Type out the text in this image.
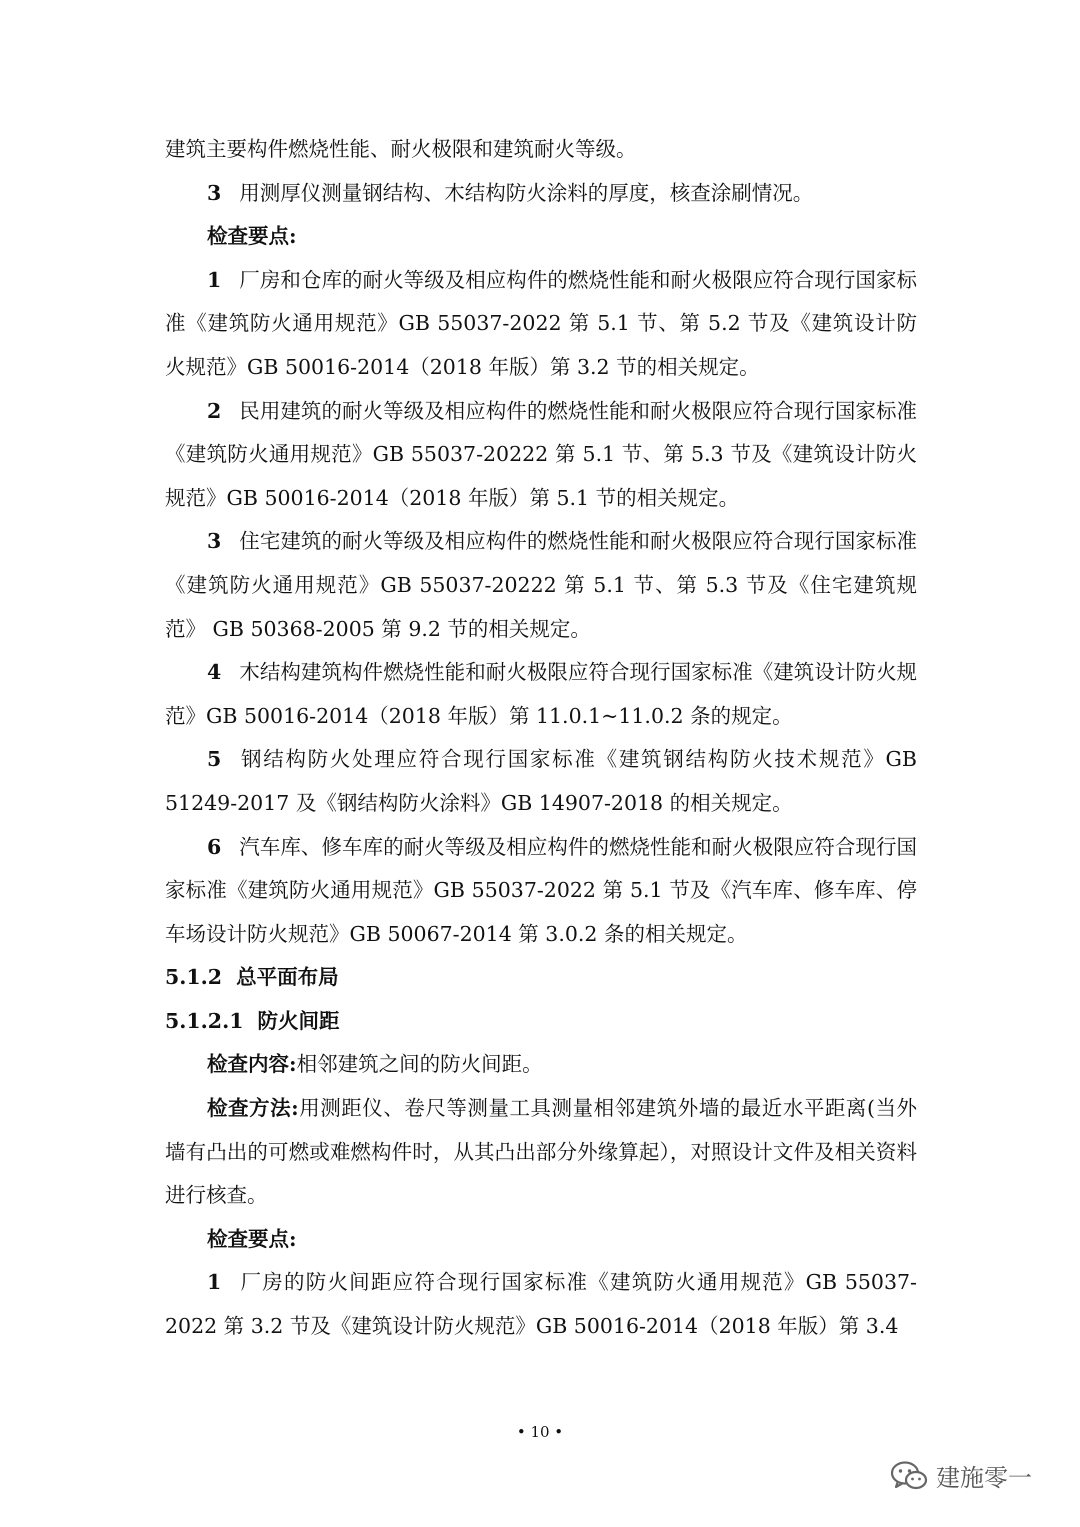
建筑主要构件燃烧性能、耐火极限和建筑耐火等级。

3 用测厚仪测量钢结构、木结构防火涂料的厚度，核查涂刷情况。

检查要点:

1 厂房和仓库的耐火等级及相应构件的燃烧性能和耐火极限应符合现行国家标准《建筑防火通用规范》GB 55037-2022 第 5.1 节、第 5.2 节及《建筑设计防火规范》GB 50016-2014（2018 年版）第 3.2 节的相关规定。

2 民用建筑的耐火等级及相应构件的燃烧性能和耐火极限应符合现行国家标准《建筑防火通用规范》GB 55037-20222 第 5.1 节、第 5.3 节及《建筑设计防火规范》GB 50016-2014（2018 年版）第 5.1 节的相关规定。

3 住宅建筑的耐火等级及相应构件的燃烧性能和耐火极限应符合现行国家标准《建筑防火通用规范》GB 55037-20222 第 5.1 节、第 5.3 节及《住宅建筑规范》 GB 50368-2005 第 9.2 节的相关规定。

4 木结构建筑构件燃烧性能和耐火极限应符合现行国家标准《建筑设计防火规范》GB 50016-2014（2018 年版）第 11.0.1~11.0.2 条的规定。

5 钢结构防火处理应符合现行国家标准《建筑钢结构防火技术规范》GB 51249-2017 及《钢结构防火涂料》GB 14907-2018 的相关规定。

6 汽车库、修车库的耐火等级及相应构件的燃烧性能和耐火极限应符合现行国家标准《建筑防火通用规范》GB 55037-2022 第 5.1 节及《汽车库、修车库、停车场设计防火规范》GB 50067-2014 第 3.0.2 条的相关规定。

5.1.2 总平面布局

5.1.2.1 防火间距

检查内容:相邻建筑之间的防火间距。

检查方法:用测距仪、卷尺等测量工具测量相邻建筑外墙的最近水平距离(当外墙有凸出的可燃或难燃构件时，从其凸出部分外缘算起），对照设计文件及相关资料进行核查。

检查要点:

1 厂房的防火间距应符合现行国家标准《建筑防火通用规范》GB 55037-2022 第 3.2 节及《建筑设计防火规范》GB 50016-2014（2018 年版）第 3.4

• 10 •
建施零一
